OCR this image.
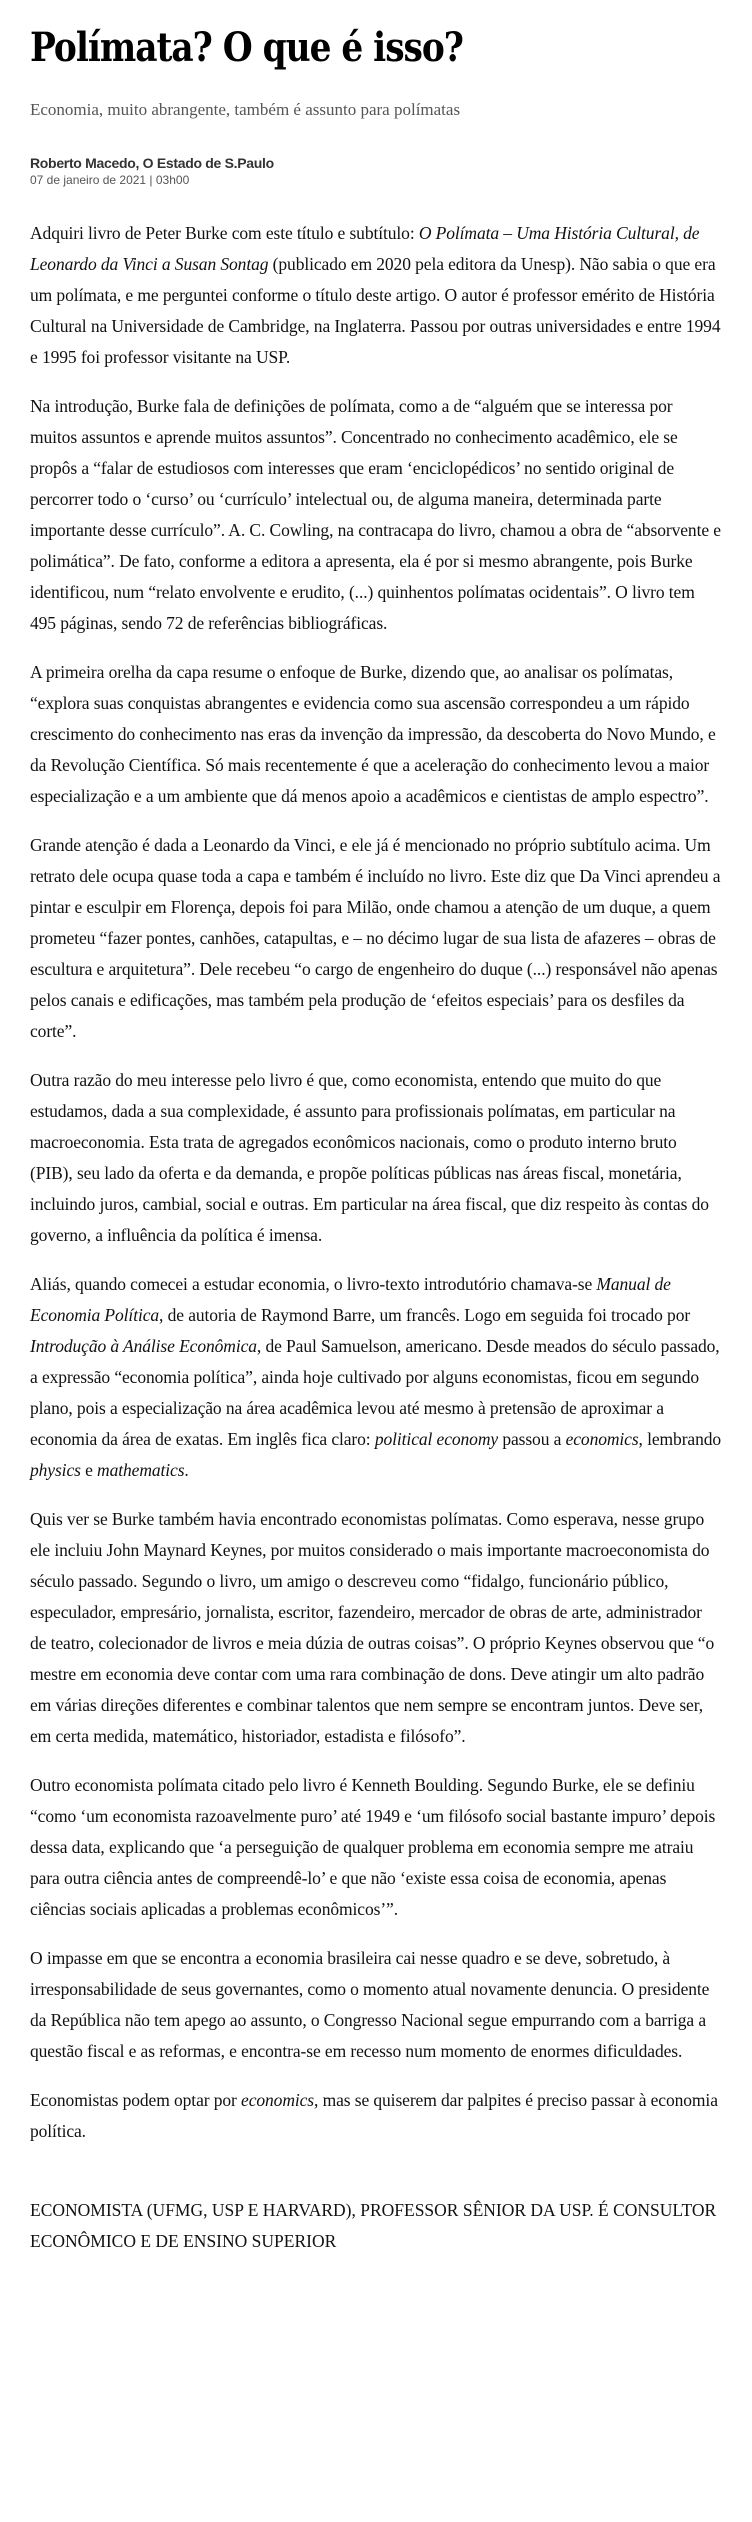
Polímata? O que é isso?

Economia, muito abrangente, também é assunto para polímatas

Roberto Macedo, O Estado de S.Paulo

07 de janeiro de 2021 | 03h00

Adquiri livro de Peter Burke com este título e subtítulo: O Polímata – Uma História Cultural, de Leonardo da Vinci a Susan Sontag (publicado em 2020 pela editora da Unesp). Não sabia o que era um polímata, e me perguntei conforme o título deste artigo. O autor é professor emérito de História Cultural na Universidade de Cambridge, na Inglaterra. Passou por outras universidades e entre 1994 e 1995 foi professor visitante na USP.

Na introdução, Burke fala de definições de polímata, como a de “alguém que se interessa por muitos assuntos e aprende muitos assuntos”. Concentrado no conhecimento acadêmico, ele se propôs a “falar de estudiosos com interesses que eram ‘enciclopédicos’ no sentido original de percorrer todo o ‘curso’ ou ‘currículo’ intelectual ou, de alguma maneira, determinada parte importante desse currículo”. A. C. Cowling, na contracapa do livro, chamou a obra de “absorvente e polimática”. De fato, conforme a editora a apresenta, ela é por si mesmo abrangente, pois Burke identificou, num “relato envolvente e erudito, (...) quinhentos polímatas ocidentais”. O livro tem 495 páginas, sendo 72 de referências bibliográficas.

A primeira orelha da capa resume o enfoque de Burke, dizendo que, ao analisar os polímatas, “explora suas conquistas abrangentes e evidencia como sua ascensão correspondeu a um rápido crescimento do conhecimento nas eras da invenção da impressão, da descoberta do Novo Mundo, e da Revolução Científica. Só mais recentemente é que a aceleração do conhecimento levou a maior especialização e a um ambiente que dá menos apoio a acadêmicos e cientistas de amplo espectro”.

Grande atenção é dada a Leonardo da Vinci, e ele já é mencionado no próprio subtítulo acima. Um retrato dele ocupa quase toda a capa e também é incluído no livro. Este diz que Da Vinci aprendeu a pintar e esculpir em Florença, depois foi para Milão, onde chamou a atenção de um duque, a quem prometeu “fazer pontes, canhões, catapultas, e – no décimo lugar de sua lista de afazeres – obras de escultura e arquitetura”. Dele recebeu “o cargo de engenheiro do duque (...) responsável não apenas pelos canais e edificações, mas também pela produção de ‘efeitos especiais’ para os desfiles da corte”.

Outra razão do meu interesse pelo livro é que, como economista, entendo que muito do que estudamos, dada a sua complexidade, é assunto para profissionais polímatas, em particular na macroeconomia. Esta trata de agregados econômicos nacionais, como o produto interno bruto (PIB), seu lado da oferta e da demanda, e propõe políticas públicas nas áreas fiscal, monetária, incluindo juros, cambial, social e outras. Em particular na área fiscal, que diz respeito às contas do governo, a influência da política é imensa.

Aliás, quando comecei a estudar economia, o livro-texto introdutório chamava-se Manual de Economia Política, de autoria de Raymond Barre, um francês. Logo em seguida foi trocado por Introdução à Análise Econômica, de Paul Samuelson, americano. Desde meados do século passado, a expressão “economia política”, ainda hoje cultivado por alguns economistas, ficou em segundo plano, pois a especialização na área acadêmica levou até mesmo à pretensão de aproximar a economia da área de exatas. Em inglês fica claro: political economy passou a economics, lembrando physics e mathematics.

Quis ver se Burke também havia encontrado economistas polímatas. Como esperava, nesse grupo ele incluiu John Maynard Keynes, por muitos considerado o mais importante macroeconomista do século passado. Segundo o livro, um amigo o descreveu como “fidalgo, funcionário público, especulador, empresário, jornalista, escritor, fazendeiro, mercador de obras de arte, administrador de teatro, colecionador de livros e meia dúzia de outras coisas”. O próprio Keynes observou que “o mestre em economia deve contar com uma rara combinação de dons. Deve atingir um alto padrão em várias direções diferentes e combinar talentos que nem sempre se encontram juntos. Deve ser, em certa medida, matemático, historiador, estadista e filósofo”.

Outro economista polímata citado pelo livro é Kenneth Boulding. Segundo Burke, ele se definiu “como ‘um economista razoavelmente puro’ até 1949 e ‘um filósofo social bastante impuro’ depois dessa data, explicando que ‘a perseguição de qualquer problema em economia sempre me atraiu para outra ciência antes de compreendê-lo’ e que não ‘existe essa coisa de economia, apenas ciências sociais aplicadas a problemas econômicos’”.

O impasse em que se encontra a economia brasileira cai nesse quadro e se deve, sobretudo, à irresponsabilidade de seus governantes, como o momento atual novamente denuncia. O presidente da República não tem apego ao assunto, o Congresso Nacional segue empurrando com a barriga a questão fiscal e as reformas, e encontra-se em recesso num momento de enormes dificuldades.

Economistas podem optar por economics, mas se quiserem dar palpites é preciso passar à economia política.

ECONOMISTA (UFMG, USP E HARVARD), PROFESSOR SÊNIOR DA USP. É CONSULTOR ECONÔMICO E DE ENSINO SUPERIOR
